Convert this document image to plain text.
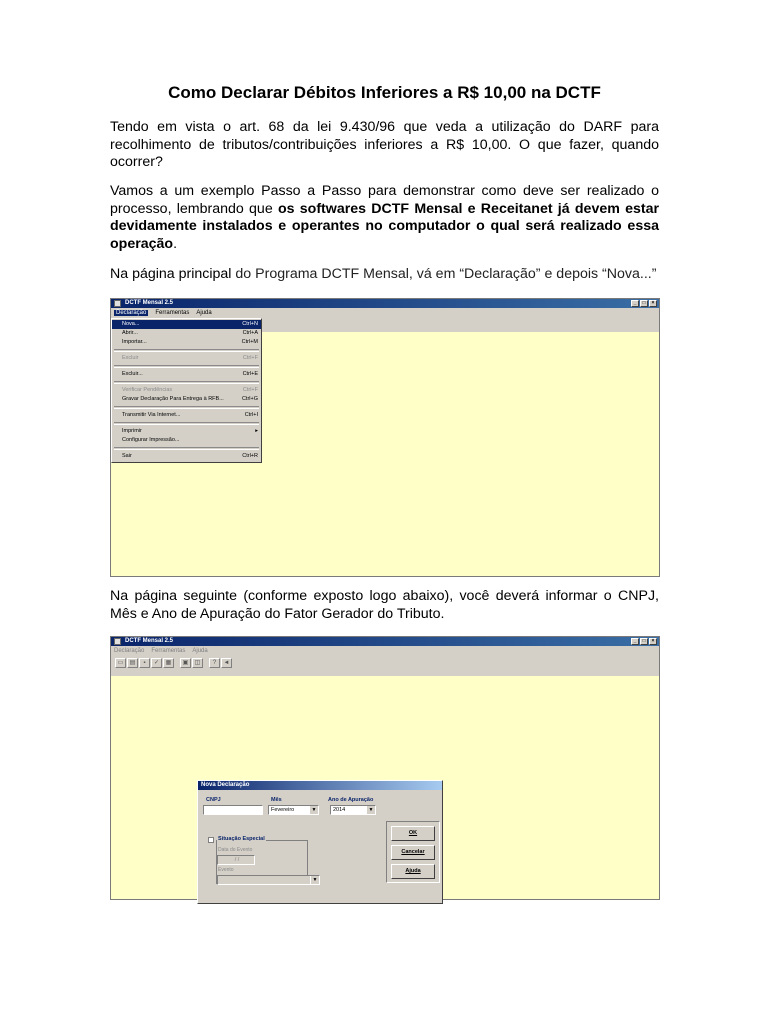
Como Declarar Débitos Inferiores a R$ 10,00 na DCTF

Tendo em vista o art. 68 da lei 9.430/96 que veda a utilização do DARF para recolhimento de tributos/contribuições inferiores a R$ 10,00. O que fazer, quando ocorrer?

Vamos a um exemplo Passo a Passo para demonstrar como deve ser realizado o processo, lembrando que os softwares DCTF Mensal e Receitanet já devem estar devidamente instalados e operantes no computador o qual será realizado essa operação.

Na página principal do Programa DCTF Mensal, vá em “Declaração” e depois “Nova...”

DCTF Mensal 2.5	_	□	×
Declaração	Ferramentas Ajuda
Nova...	Ctrl+N
Abrir...	Ctrl+A
Importar...	Ctrl+M
Excluir	Ctrl+F
Excluir...	Ctrl+E
Verificar Pendências	Ctrl+F
Gravar Declaração Para Entrega à RFB...	Ctrl+G
Transmitir Via Internet...	Ctrl+I
Imprimir	▸
Configurar Impressão...
Sair	Ctrl+R

Na página seguinte (conforme exposto logo abaixo), você deverá informar o CNPJ, Mês e Ano de Apuração do Fator Gerador do Tributo.

DCTF Mensal 2.5	_	□	×
Declaração Ferramentas Ajuda
▭	▤	▪	✓	▦	▣	◫	?	◄
Nova Declaração
CNPJ	Mês
Fevereiro	▼
Ano de Apuração
2014	▼
Situação Especial
Data do Evento
/ /
Evento
▼
OK
Cancelar
Ajuda
